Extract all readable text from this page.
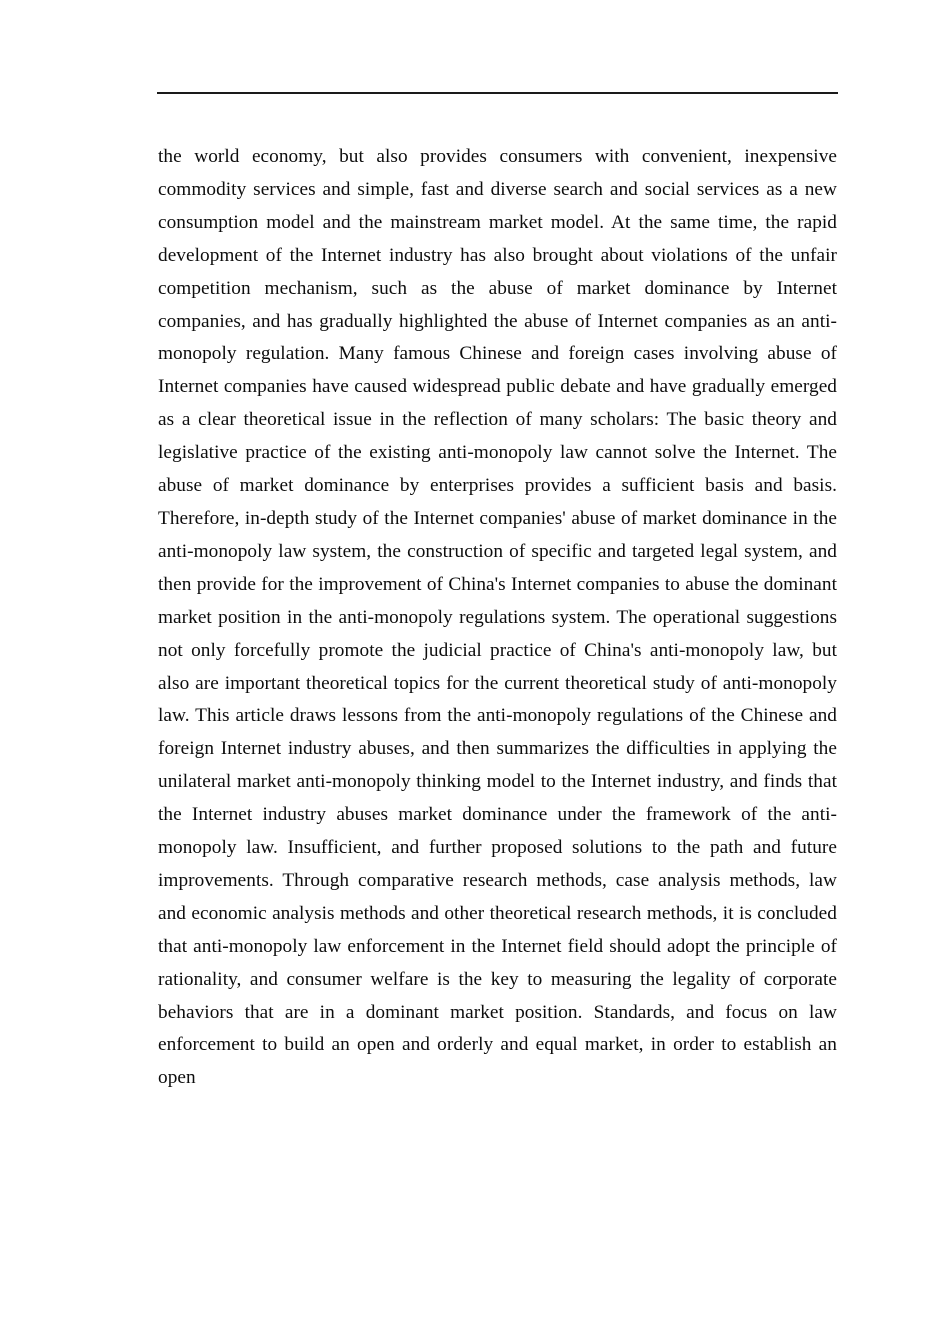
the world economy, but also provides consumers with convenient, inexpensive commodity services and simple, fast and diverse search and social services as a new consumption model and the mainstream market model. At the same time, the rapid development of the Internet industry has also brought about violations of the unfair competition mechanism, such as the abuse of market dominance by Internet companies, and has gradually highlighted the abuse of Internet companies as an anti-monopoly regulation. Many famous Chinese and foreign cases involving abuse of Internet companies have caused widespread public debate and have gradually emerged as a clear theoretical issue in the reflection of many scholars: The basic theory and legislative practice of the existing anti-monopoly law cannot solve the Internet. The abuse of market dominance by enterprises provides a sufficient basis and basis. Therefore, in-depth study of the Internet companies' abuse of market dominance in the anti-monopoly law system, the construction of specific and targeted legal system, and then provide for the improvement of China's Internet companies to abuse the dominant market position in the anti-monopoly regulations system. The operational suggestions not only forcefully promote the judicial practice of China's anti-monopoly law, but also are important theoretical topics for the current theoretical study of anti-monopoly law. This article draws lessons from the anti-monopoly regulations of the Chinese and foreign Internet industry abuses, and then summarizes the difficulties in applying the unilateral market anti-monopoly thinking model to the Internet industry, and finds that the Internet industry abuses market dominance under the framework of the anti-monopoly law. Insufficient, and further proposed solutions to the path and future improvements. Through comparative research methods, case analysis methods, law and economic analysis methods and other theoretical research methods, it is concluded that anti-monopoly law enforcement in the Internet field should adopt the principle of rationality, and consumer welfare is the key to measuring the legality of corporate behaviors that are in a dominant market position. Standards, and focus on law enforcement to build an open and orderly and equal market, in order to establish an open
